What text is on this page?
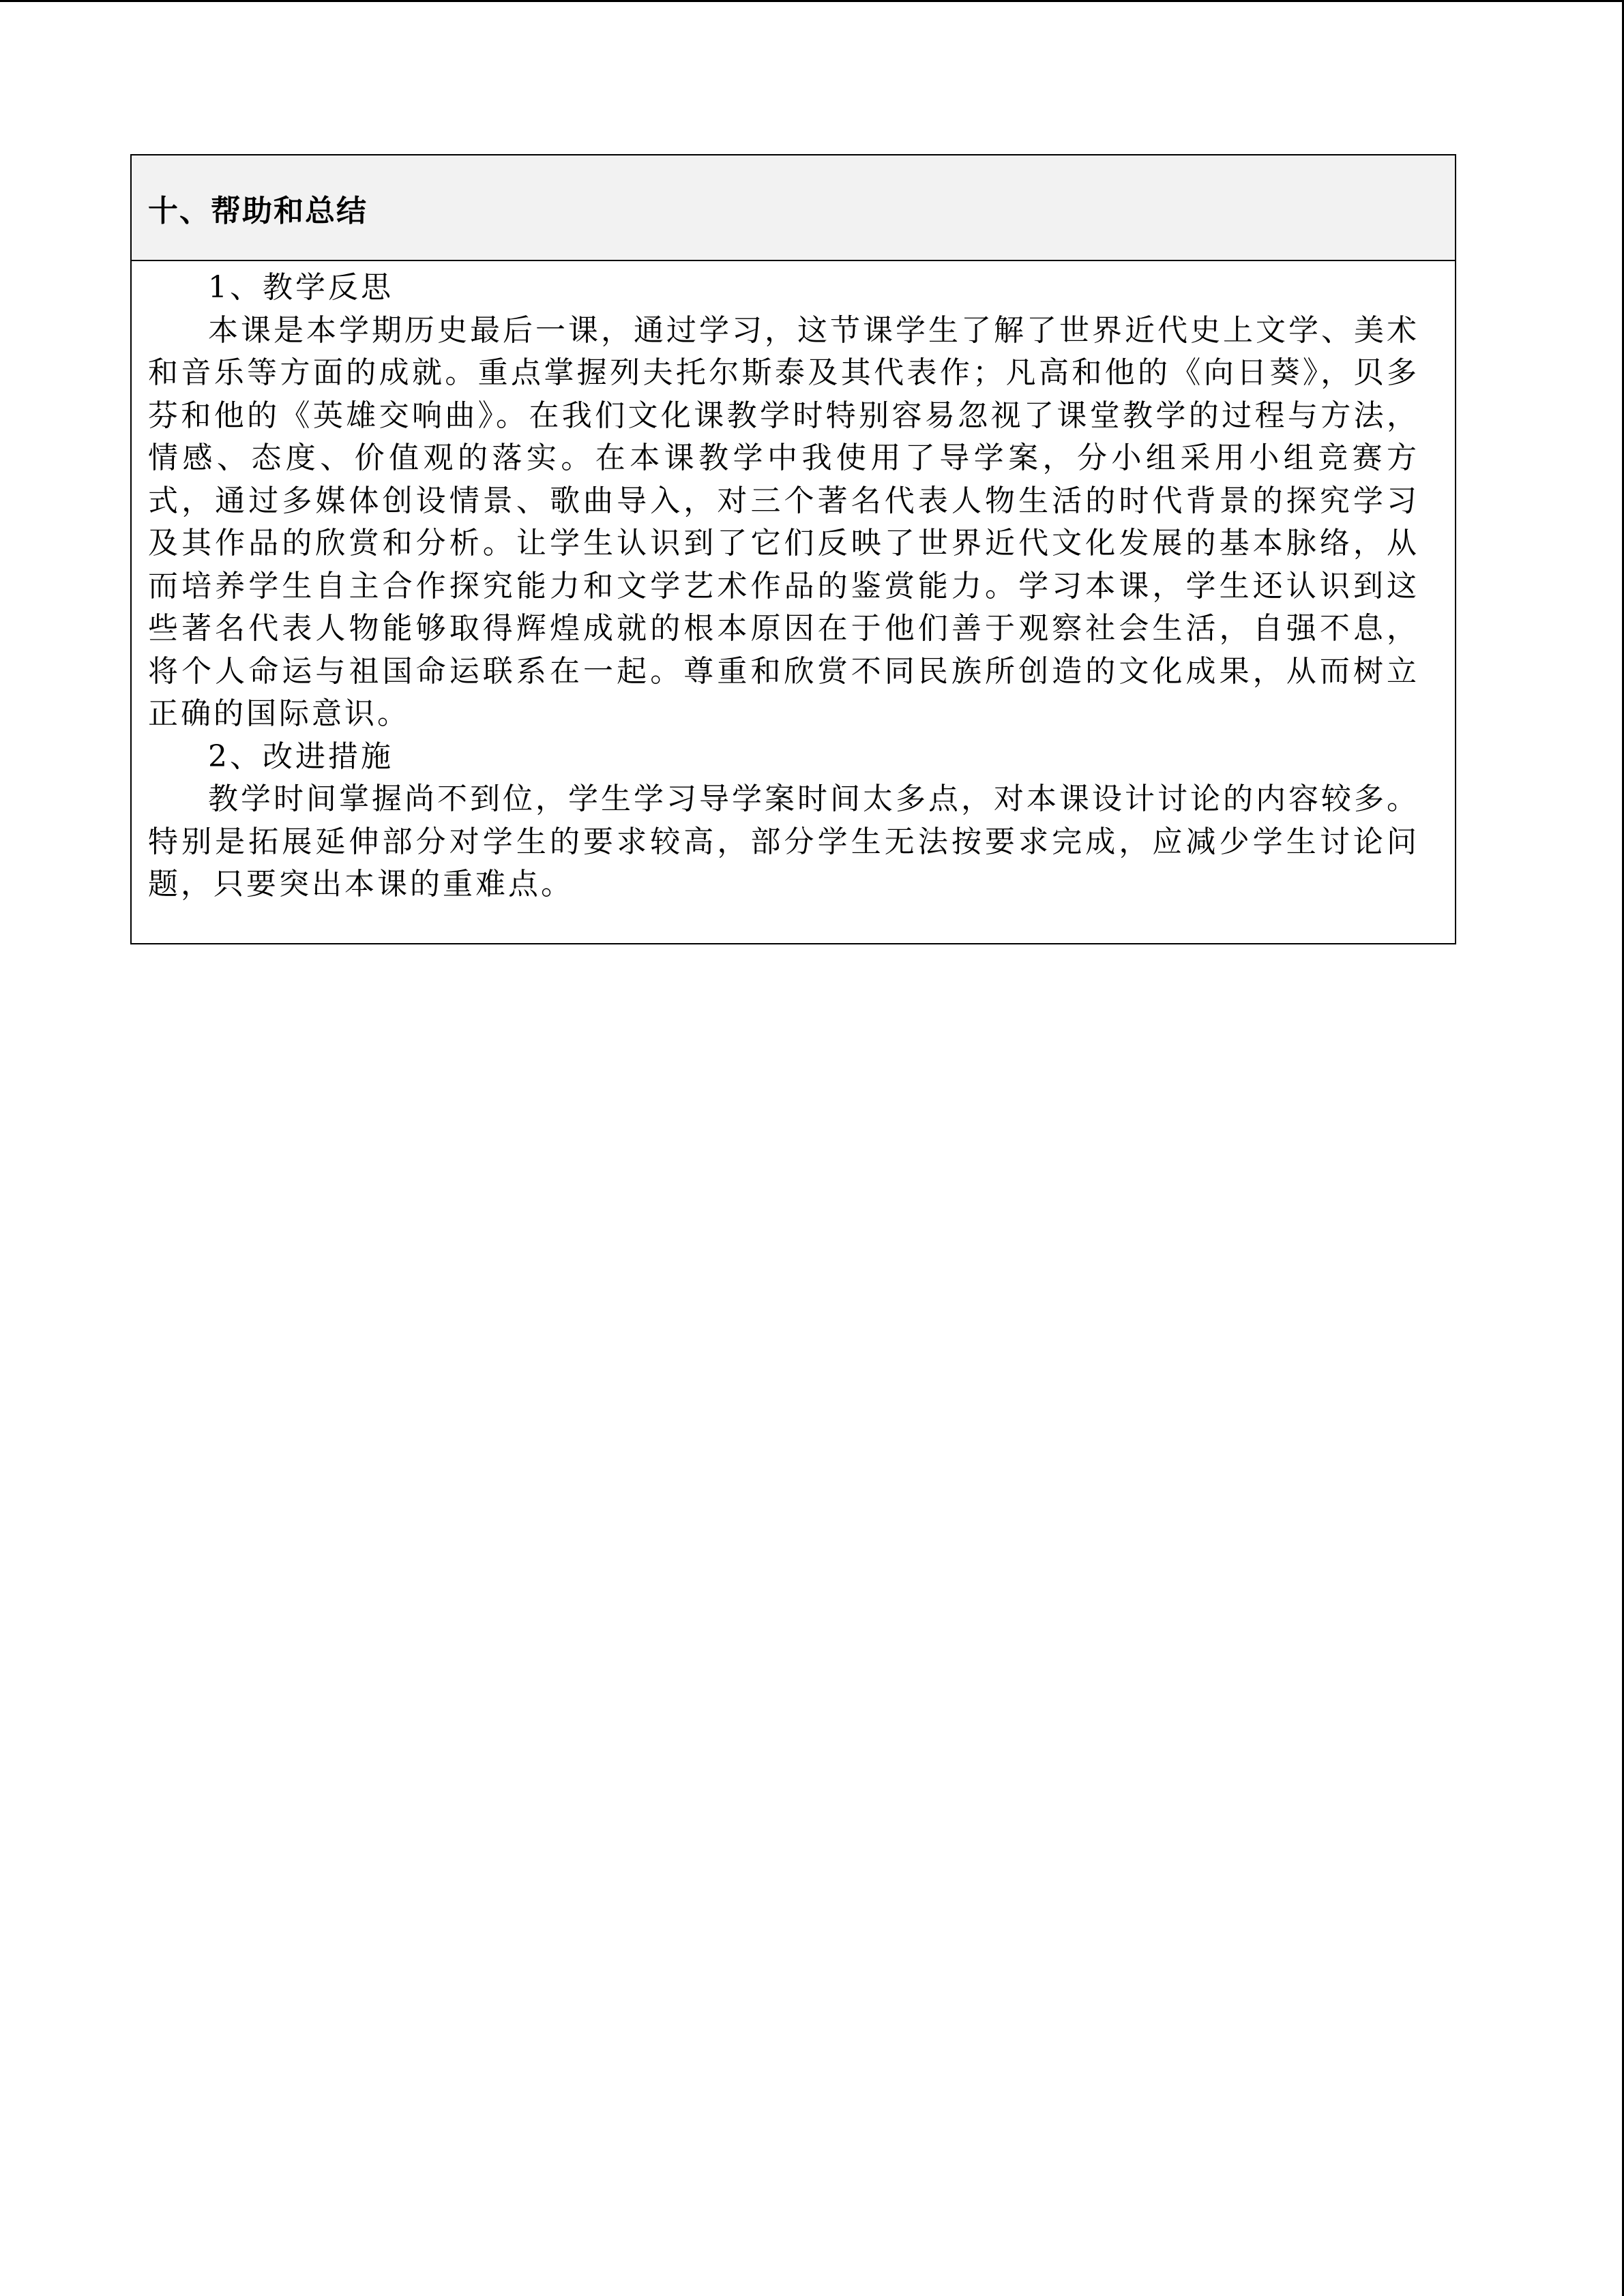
十、帮助和总结

1、教学反思

本课是本学期历史最后一课，通过学习，这节课学生了解了世界近代史上文学、美术和音乐等方面的成就。重点掌握列夫托尔斯泰及其代表作；凡高和他的《向日葵》，贝多芬和他的《英雄交响曲》。在我们文化课教学时特别容易忽视了课堂教学的过程与方法，情感、态度、价值观的落实。在本课教学中我使用了导学案，分小组采用小组竞赛方式，通过多媒体创设情景、歌曲导入，对三个著名代表人物生活的时代背景的探究学习及其作品的欣赏和分析。让学生认识到了它们反映了世界近代文化发展的基本脉络，从而培养学生自主合作探究能力和文学艺术作品的鉴赏能力。学习本课，学生还认识到这些著名代表人物能够取得辉煌成就的根本原因在于他们善于观察社会生活，自强不息，将个人命运与祖国命运联系在一起。尊重和欣赏不同民族所创造的文化成果，从而树立正确的国际意识。

2、改进措施

教学时间掌握尚不到位，学生学习导学案时间太多点，对本课设计讨论的内容较多。特别是拓展延伸部分对学生的要求较高，部分学生无法按要求完成，应减少学生讨论问题，只要突出本课的重难点。
